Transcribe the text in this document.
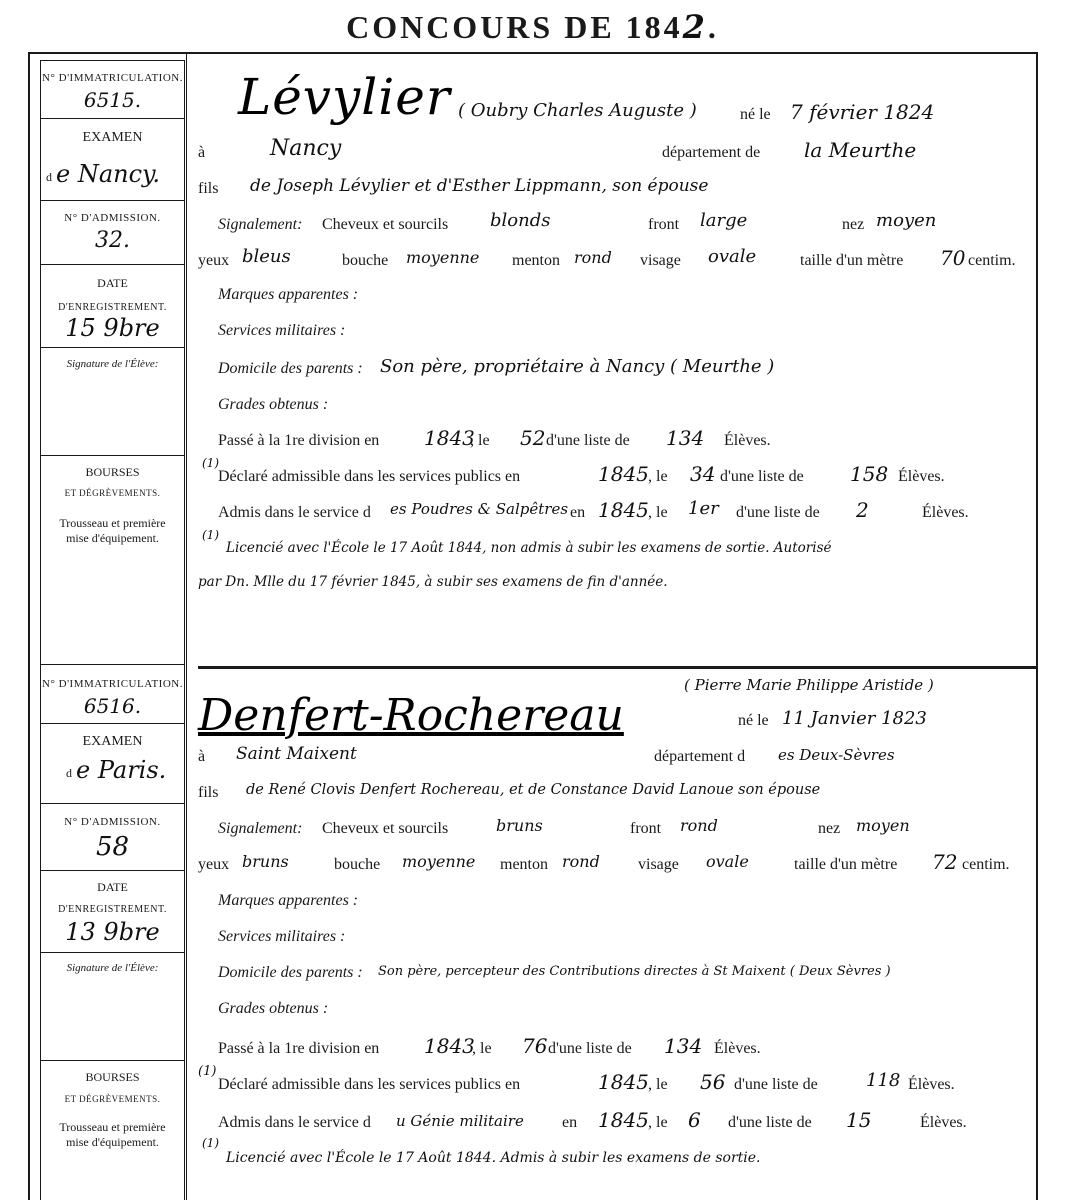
CONCOURS DE 1842.
N° D'IMMATRICULATION.
6515.
EXAMEN
d e Nancy.
N° D'ADMISSION.
32.
DATE
D'ENREGISTREMENT.
15 9bre
Signature de l'Élève:
BOURSES
ET DÉGRÈVEMENTS.
Trousseau et première
mise d'équipement.
Lévylier ( Oubry Charles Auguste )	né le 7 février 1824
à	Nancy	département de la Meurthe
fils de Joseph Lévylier et d'Esther Lippmann, son épouse
Signalement: Cheveux et sourcils blonds	front large	nez moyen
yeux bleus	bouche moyenne menton rond visage ovale	taille d'un mètre 70 centim.
Marques apparentes :
Services militaires :
Domicile des parents : Son père, propriétaire à Nancy ( Meurthe )
Grades obtenus :
Passé à la 1re division en 1843
, le 52 d'une liste de 134 Élèves.
(1)
Déclaré admissible dans les services publics en	1845 , le 34 d'une liste de 158 Élèves.
Admis dans le service d es Poudres & Salpêtres en 1845 , le 1er d'une liste de 2	Élèves.
(1)
Licencié avec l'École le 17 Août 1844, non admis à subir les examens de sortie. Autorisé
par Dn. Mlle du 17 février 1845, à subir ses examens de fin d'année.
N° D'IMMATRICULATION.
6516.
EXAMEN
d e Paris.
N° D'ADMISSION.
58
DATE
D'ENREGISTREMENT.
13 9bre
Signature de l'Élève:
BOURSES
ET DÉGRÈVEMENTS.
Trousseau et première
mise d'équipement.
( Pierre Marie Philippe Aristide )
Denfert-Rochereau	né le 11 Janvier 1823
à Saint Maixent	département d es Deux-Sèvres
fils de René Clovis Denfert Rochereau, et de Constance David Lanoue son épouse
Signalement: Cheveux et sourcils	bruns	front rond	nez moyen
yeux bruns	bouche moyenne menton rond visage ovale	taille d'un mètre 72 centim.
Marques apparentes :
Services militaires :
Domicile des parents : Son père, percepteur des Contributions directes à St Maixent ( Deux Sèvres )
Grades obtenus :
Passé à la 1re division en 1843
, le 76 d'une liste de 134 Élèves.
(1)
Déclaré admissible dans les services publics en	1845 , le 56 d'une liste de	118 Élèves.
Admis dans le service d u Génie militaire en 1845 , le 6 d'une liste de 15	Élèves.
(1)
Licencié avec l'École le 17 Août 1844. Admis à subir les examens de sortie.
